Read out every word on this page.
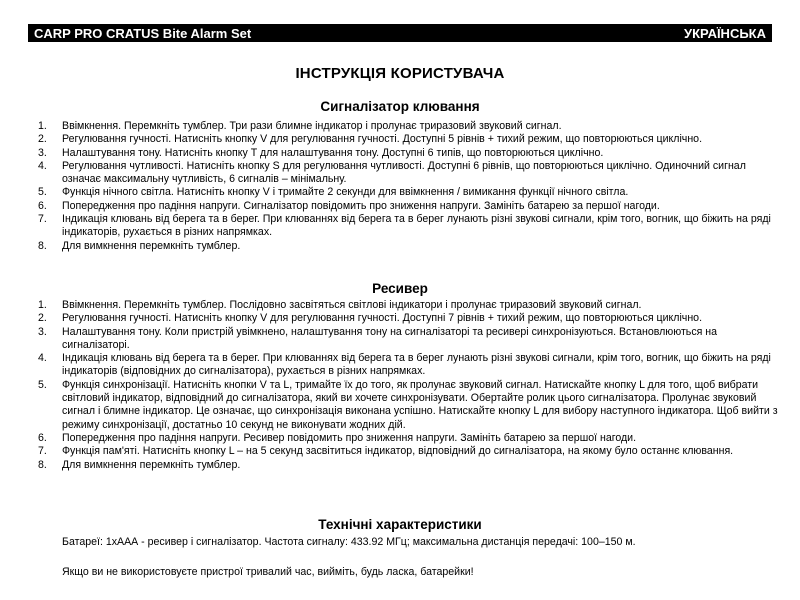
CARP PRO CRATUS Bite Alarm Set	УКРАЇНСЬКА
ІНСТРУКЦІЯ КОРИСТУВАЧА
Сигналізатор клювання
1. Ввімкнення. Перемкніть тумблер. Три рази блимне індикатор і пролунає триразовий звуковий сигнал.
2. Регулювання гучності. Натисніть кнопку V для регулювання гучності. Доступні 5 рівнів + тихий режим, що повторюються циклічно.
3. Налаштування тону. Натисніть кнопку T для налаштування тону. Доступні 6 типів, що повторюються циклічно.
4. Регулювання чутливості. Натисніть кнопку S для регулювання чутливості. Доступні 6 рівнів, що повторюються циклічно. Одиночний сигнал означає максимальну чутливість, 6 сигналів – мінімальну.
5. Функція нічного світла. Натисніть кнопку V і тримайте 2 секунди для ввімкнення / вимикання функції нічного світла.
6. Попередження про падіння напруги. Сигналізатор повідомить про зниження напруги. Замініть батарею за першої нагоди.
7. Індикація клювань від берега та в берег. При клюваннях від берега та в берег лунають різні звукові сигнали, крім того, вогник, що біжить на ряді індикаторів, рухається в різних напрямках.
8. Для вимкнення перемкніть тумблер.
Ресивер
1. Ввімкнення. Перемкніть тумблер. Послідовно засвітяться світлові індикатори і пролунає триразовий звуковий сигнал.
2. Регулювання гучності. Натисніть кнопку V для регулювання гучності. Доступні 7 рівнів + тихий режим, що повторюються циклічно.
3. Налаштування тону. Коли пристрій увімкнено, налаштування тону на сигналізаторі та ресивері синхронізуються. Встановлюються на сигналізаторі.
4. Індикація клювань від берега та в берег. При клюваннях від берега та в берег лунають різні звукові сигнали, крім того, вогник, що біжить на ряді індикаторів (відповідних до сигналізатора), рухається в різних напрямках.
5. Функція синхронізації. Натисніть кнопки V та L, тримайте їх до того, як пролунає звуковий сигнал. Натискайте кнопку L для того, щоб вибрати світловий індикатор, відповідний до сигналізатора, який ви хочете синхронізувати. Обертайте ролик цього сигналізатора. Пролунає звуковий сигнал і блимне індикатор. Це означає, що синхронізація виконана успішно. Натискайте кнопку L для вибору наступного індикатора. Щоб вийти з режиму синхронізації, достатньо 10 секунд не виконувати жодних дій.
6. Попередження про падіння напруги. Ресивер повідомить про зниження напруги. Замініть батарею за першої нагоди.
7. Функція пам'яті. Натисніть кнопку L – на 5 секунд засвітиться індикатор, відповідний до сигналізатора, на якому було останнє клювання.
8. Для вимкнення перемкніть тумблер.
Технічні характеристики
Батареї: 1хААА - ресивер і сигналізатор. Частота сигналу: 433.92 МГц; максимальна дистанція передачі: 100–150 м.
Якщо ви не використовуєте пристрої тривалий час, вийміть, будь ласка, батарейки!
